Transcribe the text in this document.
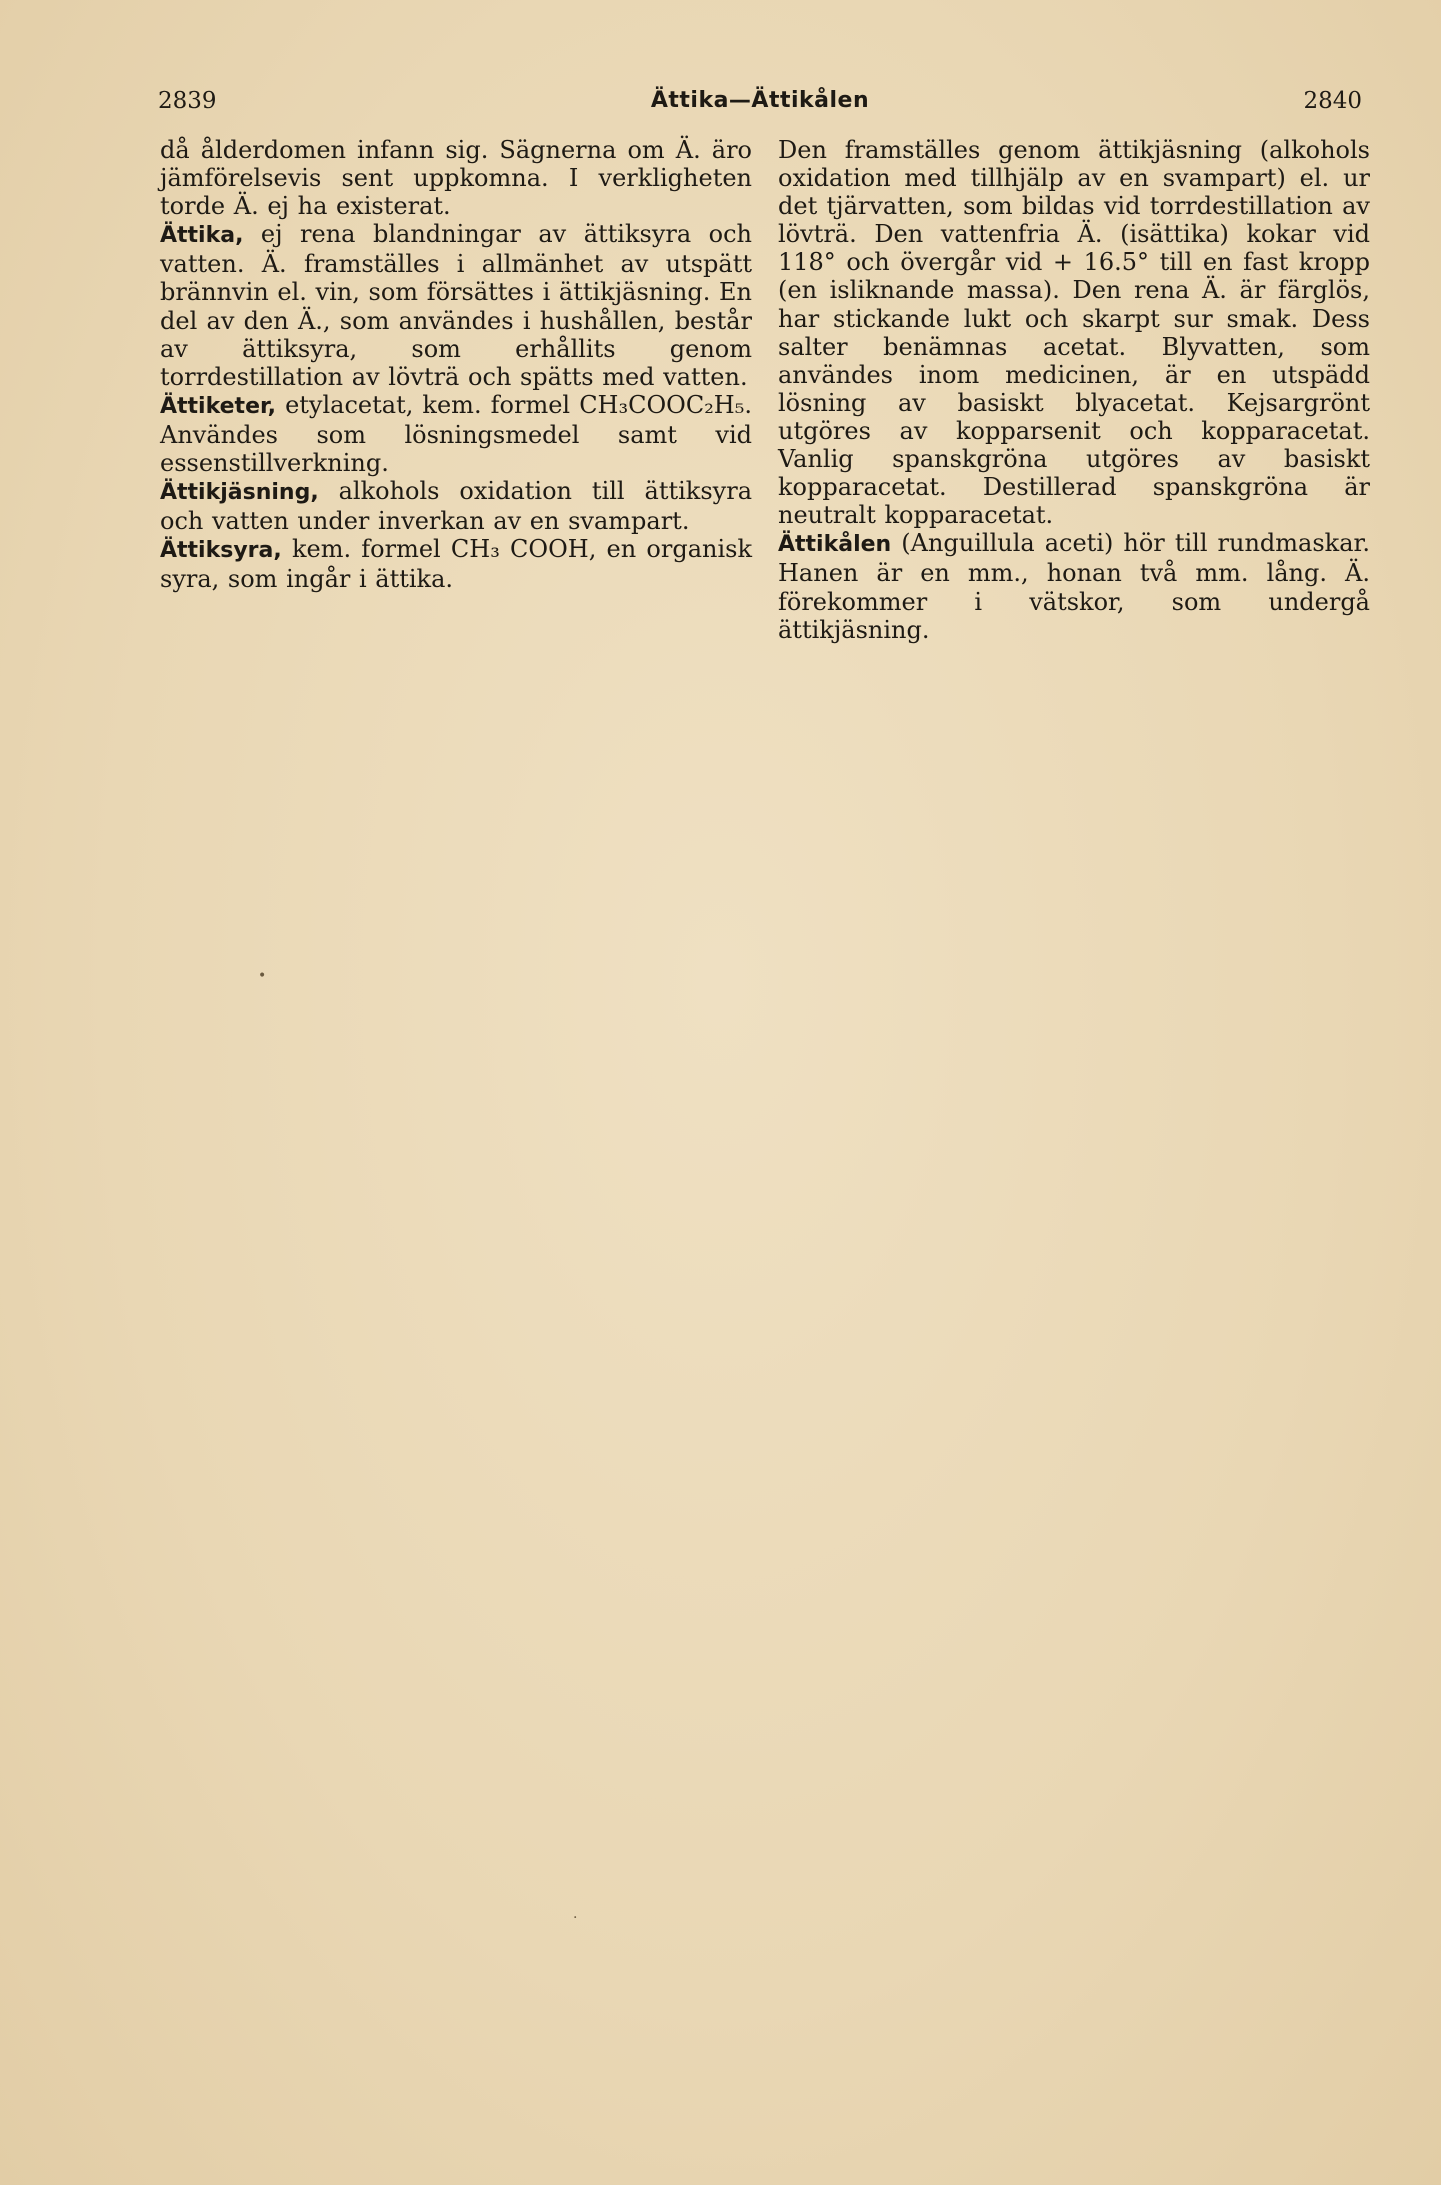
2839	Ättika—Ättikålen	2840

då ålderdomen infann sig. Sägnerna om Ä. äro jämförelsevis sent uppkomna. I verkligheten torde Ä. ej ha existerat.

Ättika, ej rena blandningar av ättiksyra och vatten. Ä. framställes i allmänhet av utspätt brännvin el. vin, som försättes i ättikjäsning. En del av den Ä., som användes i hushållen, består av ättiksyra, som erhållits genom torrdestillation av lövträ och spätts med vatten.

Ättiketer, etylacetat, kem. formel CH₃COOC₂H₅. Användes som lösningsmedel samt vid essenstillverkning.

Ättikjäsning, alkohols oxidation till ättiksyra och vatten under inverkan av en svampart.

Ättiksyra, kem. formel CH₃ COOH, en organisk syra, som ingår i ättika.

Den framställes genom ättikjäsning (alkohols oxidation med tillhjälp av en svampart) el. ur det tjärvatten, som bildas vid torrdestillation av lövträ. Den vattenfria Ä. (isättika) kokar vid 118° och övergår vid + 16.5° till en fast kropp (en isliknande massa). Den rena Ä. är färglös, har stickande lukt och skarpt sur smak. Dess salter benämnas acetat. Blyvatten, som användes inom medicinen, är en utspädd lösning av basiskt blyacetat. Kejsargrönt utgöres av kopparsenit och kopparacetat. Vanlig spanskgröna utgöres av basiskt kopparacetat. Destillerad spanskgröna är neutralt kopparacetat.

Ättikålen (Anguillula aceti) hör till rundmaskar. Hanen är en mm., honan två mm. lång. Ä. förekommer i vätskor, som undergå ättikjäsning.

•
·
